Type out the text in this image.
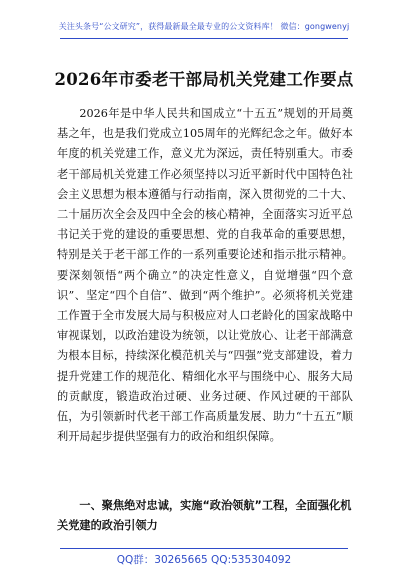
关注头条号“公文研究”，获得最新最全最专业的公文资料库！ 微信：gongwenyj
2026年市委老干部局机关党建工作要点

2026年是中华人民共和国成立“十五五”规划的开局奠基之年，也是我们党成立105周年的光辉纪念之年。做好本年度的机关党建工作，意义尤为深远，责任特别重大。市委老干部局机关党建工作必须坚持以习近平新时代中国特色社会主义思想为根本遵循与行动指南，深入贯彻党的二十大、二十届历次全会及四中全会的核心精神，全面落实习近平总书记关于党的建设的重要思想、党的自我革命的重要思想，特别是关于老干部工作的一系列重要论述和指示批示精神。要深刻领悟“两个确立”的决定性意义，自觉增强“四个意识”、坚定“四个自信”、做到“两个维护”。必须将机关党建工作置于全市发展大局与积极应对人口老龄化的国家战略中审视谋划，以政治建设为统领，以让党放心、让老干部满意为根本目标，持续深化模范机关与“四强”党支部建设，着力提升党建工作的规范化、精细化水平与围绕中心、服务大局的贡献度，锻造政治过硬、业务过硬、作风过硬的干部队伍，为引领新时代老干部工作高质量发展、助力“十五五”顺利开局起步提供坚强有力的政治和组织保障。

一、聚焦绝对忠诚，实施“政治领航”工程，全面强化机关党建的政治引领力

QQ群：30265665 QQ:535304092
